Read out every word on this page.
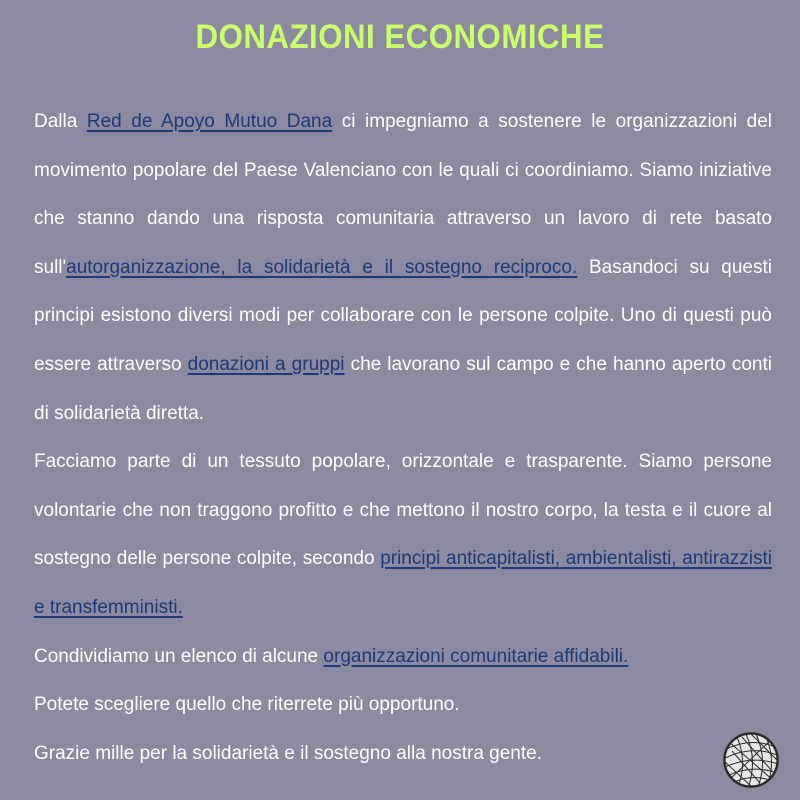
DONAZIONI ECONOMICHE

Dalla Red de Apoyo Mutuo Dana ci impegniamo a sostenere le organizzazioni del movimento popolare del Paese Valenciano con le quali ci coordiniamo. Siamo iniziative che stanno dando una risposta comunitaria attraverso un lavoro di rete basato sull'autorganizzazione, la solidarietà e il sostegno reciproco. Basandoci su questi principi esistono diversi modi per collaborare con le persone colpite. Uno di questi può essere attraverso donazioni a gruppi che lavorano sul campo e che hanno aperto conti di solidarietà diretta.

Facciamo parte di un tessuto popolare, orizzontale e trasparente. Siamo persone volontarie che non traggono profitto e che mettono il nostro corpo, la testa e il cuore al sostegno delle persone colpite, secondo principi anticapitalisti, ambientalisti, antirazzisti e transfemministi.

Condividiamo un elenco di alcune organizzazioni comunitarie affidabili.

Potete scegliere quello che riterrete più opportuno.

Grazie mille per la solidarietà e il sostegno alla nostra gente.
